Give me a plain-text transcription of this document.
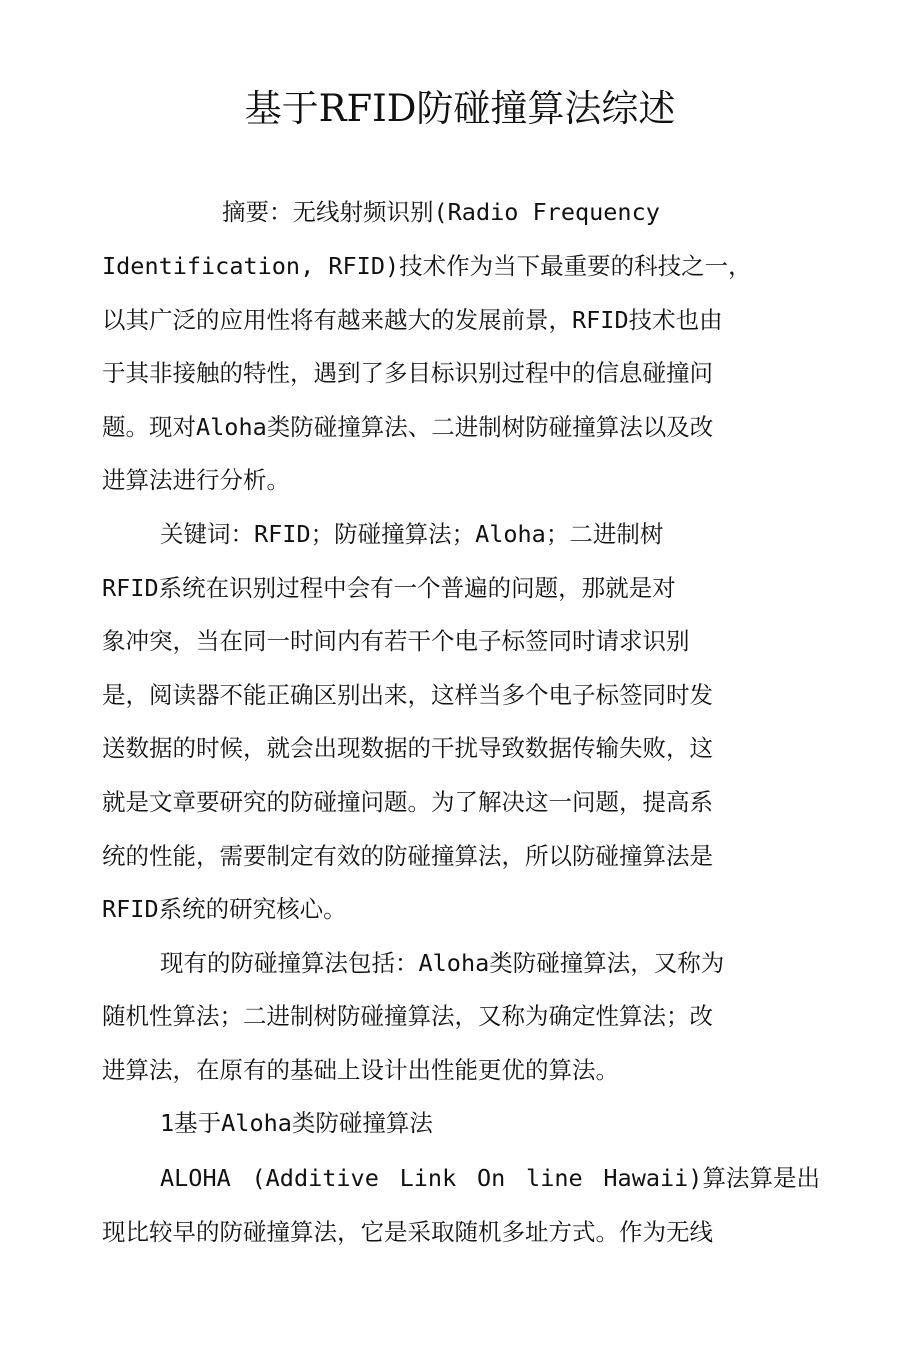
基于RFID防碰撞算法综述
摘要：无线射频识别(Radio Frequency
Identification, RFID)技术作为当下最重要的科技之一，
以其广泛的应用性将有越来越大的发展前景，RFID技术也由
于其非接触的特性，遇到了多目标识别过程中的信息碰撞问
题。现对Aloha类防碰撞算法、二进制树防碰撞算法以及改
进算法进行分析。
关键词：RFID；防碰撞算法；Aloha；二进制树
RFID系统在识别过程中会有一个普遍的问题，那就是对
象冲突，当在同一时间内有若干个电子标签同时请求识别
是，阅读器不能正确区别出来，这样当多个电子标签同时发
送数据的时候，就会出现数据的干扰导致数据传输失败，这
就是文章要研究的防碰撞问题。为了解决这一问题，提高系
统的性能，需要制定有效的防碰撞算法，所以防碰撞算法是
RFID系统的研究核心。
现有的防碰撞算法包括：Aloha类防碰撞算法，又称为
随机性算法；二进制树防碰撞算法，又称为确定性算法；改
进算法，在原有的基础上设计出性能更优的算法。
1基于Aloha类防碰撞算法
ALOHA (Additive Link On line Hawaii)算法算是出
现比较早的防碰撞算法，它是采取随机多址方式。作为无线
